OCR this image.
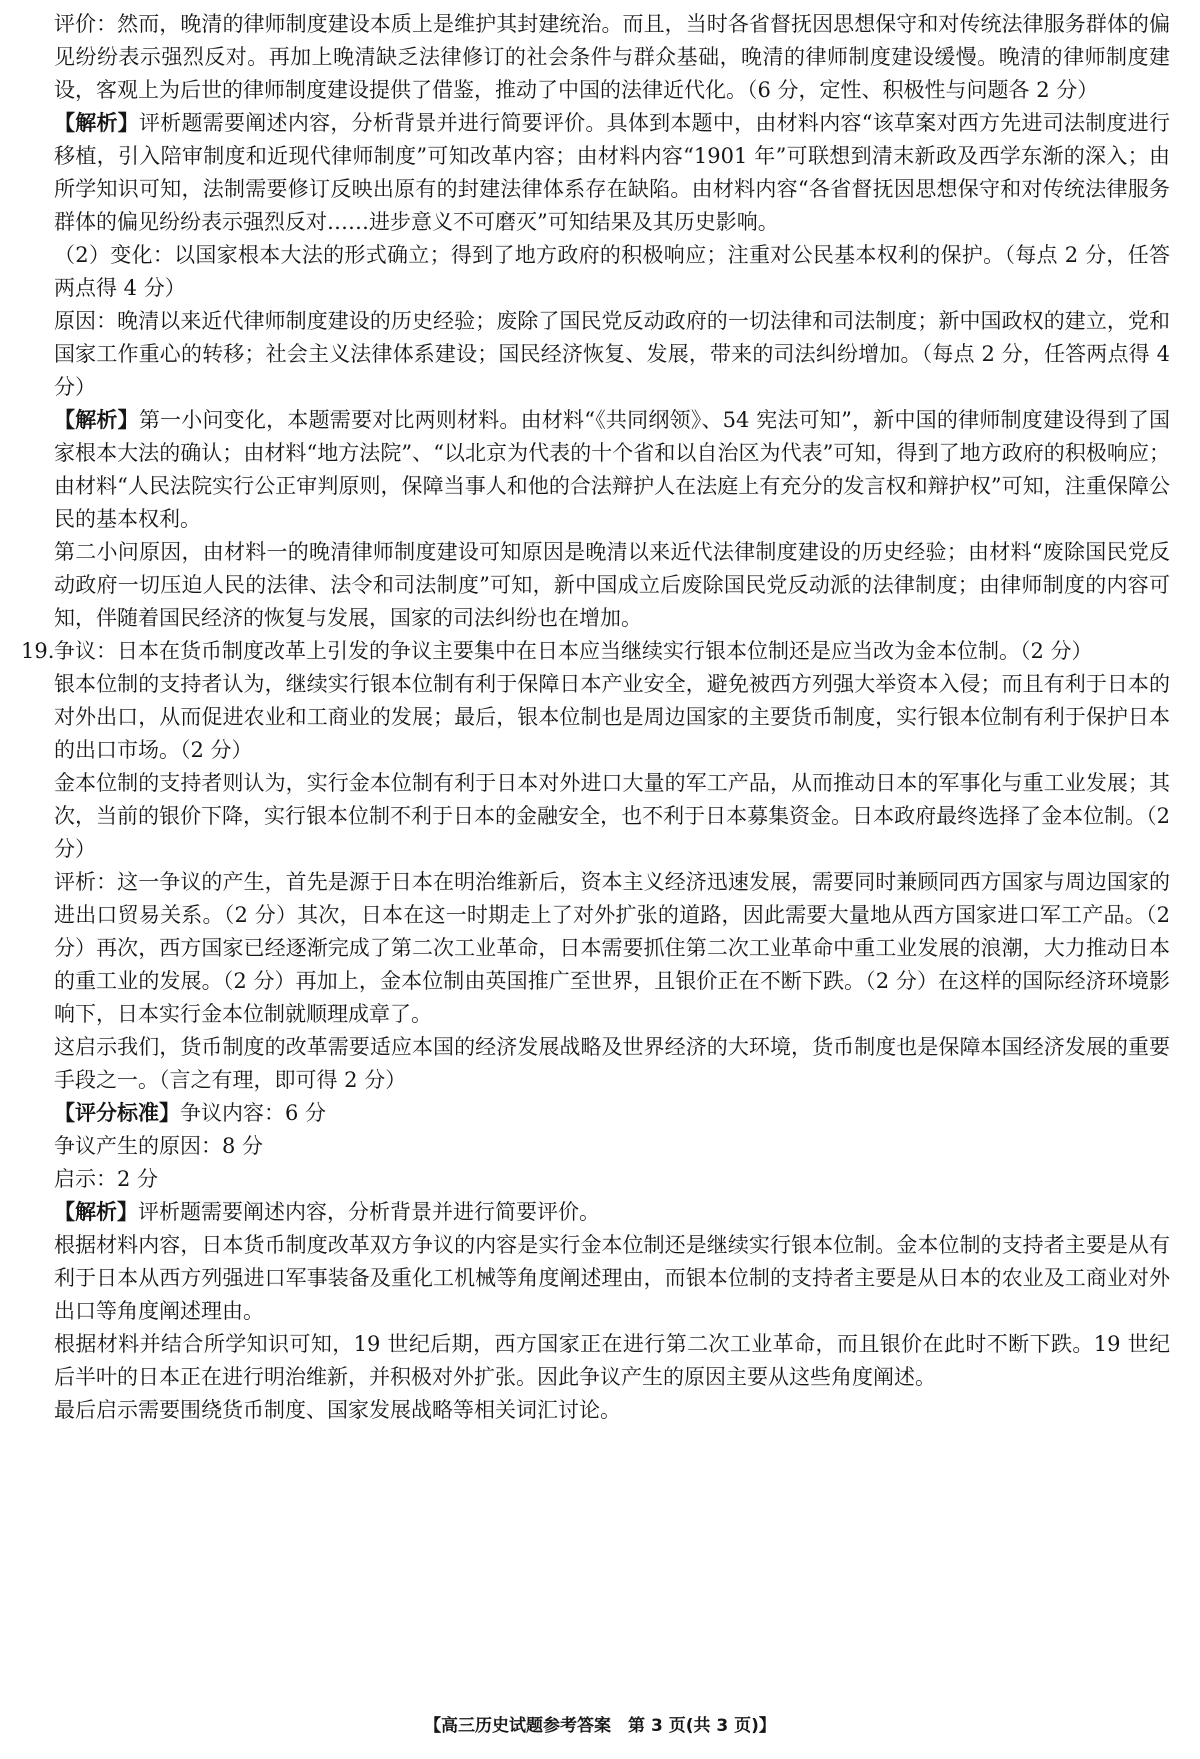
评价：然而，晚清的律师制度建设本质上是维护其封建统治。而且，当时各省督抚因思想保守和对传统法律服务群体的偏见纷纷表示强烈反对。再加上晚清缺乏法律修订的社会条件与群众基础，晚清的律师制度建设缓慢。晚清的律师制度建设，客观上为后世的律师制度建设提供了借鉴，推动了中国的法律近代化。（6 分，定性、积极性与问题各 2 分）

【解析】评析题需要阐述内容，分析背景并进行简要评价。具体到本题中，由材料内容“该草案对西方先进司法制度进行移植，引入陪审制度和近现代律师制度”可知改革内容；由材料内容“1901 年”可联想到清末新政及西学东渐的深入；由所学知识可知，法制需要修订反映出原有的封建法律体系存在缺陷。由材料内容“各省督抚因思想保守和对传统法律服务群体的偏见纷纷表示强烈反对……进步意义不可磨灭”可知结果及其历史影响。

（2）变化：以国家根本大法的形式确立；得到了地方政府的积极响应；注重对公民基本权利的保护。（每点 2 分，任答两点得 4 分）

原因：晚清以来近代律师制度建设的历史经验；废除了国民党反动政府的一切法律和司法制度；新中国政权的建立，党和国家工作重心的转移；社会主义法律体系建设；国民经济恢复、发展，带来的司法纠纷增加。（每点 2 分，任答两点得 4 分）

【解析】第一小问变化，本题需要对比两则材料。由材料“《共同纲领》、54 宪法可知”，新中国的律师制度建设得到了国家根本大法的确认；由材料“地方法院”、“以北京为代表的十个省和以自治区为代表”可知，得到了地方政府的积极响应；由材料“人民法院实行公正审判原则，保障当事人和他的合法辩护人在法庭上有充分的发言权和辩护权”可知，注重保障公民的基本权利。

第二小问原因，由材料一的晚清律师制度建设可知原因是晚清以来近代法律制度建设的历史经验；由材料“废除国民党反动政府一切压迫人民的法律、法令和司法制度”可知，新中国成立后废除国民党反动派的法律制度；由律师制度的内容可知，伴随着国民经济的恢复与发展，国家的司法纠纷也在增加。

19. 争议：日本在货币制度改革上引发的争议主要集中在日本应当继续实行银本位制还是应当改为金本位制。（2 分）

银本位制的支持者认为，继续实行银本位制有利于保障日本产业安全，避免被西方列强大举资本入侵；而且有利于日本的对外出口，从而促进农业和工商业的发展；最后，银本位制也是周边国家的主要货币制度，实行银本位制有利于保护日本的出口市场。（2 分）

金本位制的支持者则认为，实行金本位制有利于日本对外进口大量的军工产品，从而推动日本的军事化与重工业发展；其次，当前的银价下降，实行银本位制不利于日本的金融安全，也不利于日本募集资金。日本政府最终选择了金本位制。（2 分）

评析：这一争议的产生，首先是源于日本在明治维新后，资本主义经济迅速发展，需要同时兼顾同西方国家与周边国家的进出口贸易关系。（2 分）其次，日本在这一时期走上了对外扩张的道路，因此需要大量地从西方国家进口军工产品。（2 分）再次，西方国家已经逐渐完成了第二次工业革命，日本需要抓住第二次工业革命中重工业发展的浪潮，大力推动日本的重工业的发展。（2 分）再加上，金本位制由英国推广至世界，且银价正在不断下跌。（2 分）在这样的国际经济环境影响下，日本实行金本位制就顺理成章了。

这启示我们，货币制度的改革需要适应本国的经济发展战略及世界经济的大环境，货币制度也是保障本国经济发展的重要手段之一。（言之有理，即可得 2 分）

【评分标准】争议内容：6 分

争议产生的原因：8 分

启示：2 分

【解析】评析题需要阐述内容，分析背景并进行简要评价。

根据材料内容，日本货币制度改革双方争议的内容是实行金本位制还是继续实行银本位制。金本位制的支持者主要是从有利于日本从西方列强进口军事装备及重化工机械等角度阐述理由，而银本位制的支持者主要是从日本的农业及工商业对外出口等角度阐述理由。

根据材料并结合所学知识可知，19 世纪后期，西方国家正在进行第二次工业革命，而且银价在此时不断下跌。19 世纪后半叶的日本正在进行明治维新，并积极对外扩张。因此争议产生的原因主要从这些角度阐述。

最后启示需要围绕货币制度、国家发展战略等相关词汇讨论。

【高三历史试题参考答案　第 3 页(共 3 页)】
